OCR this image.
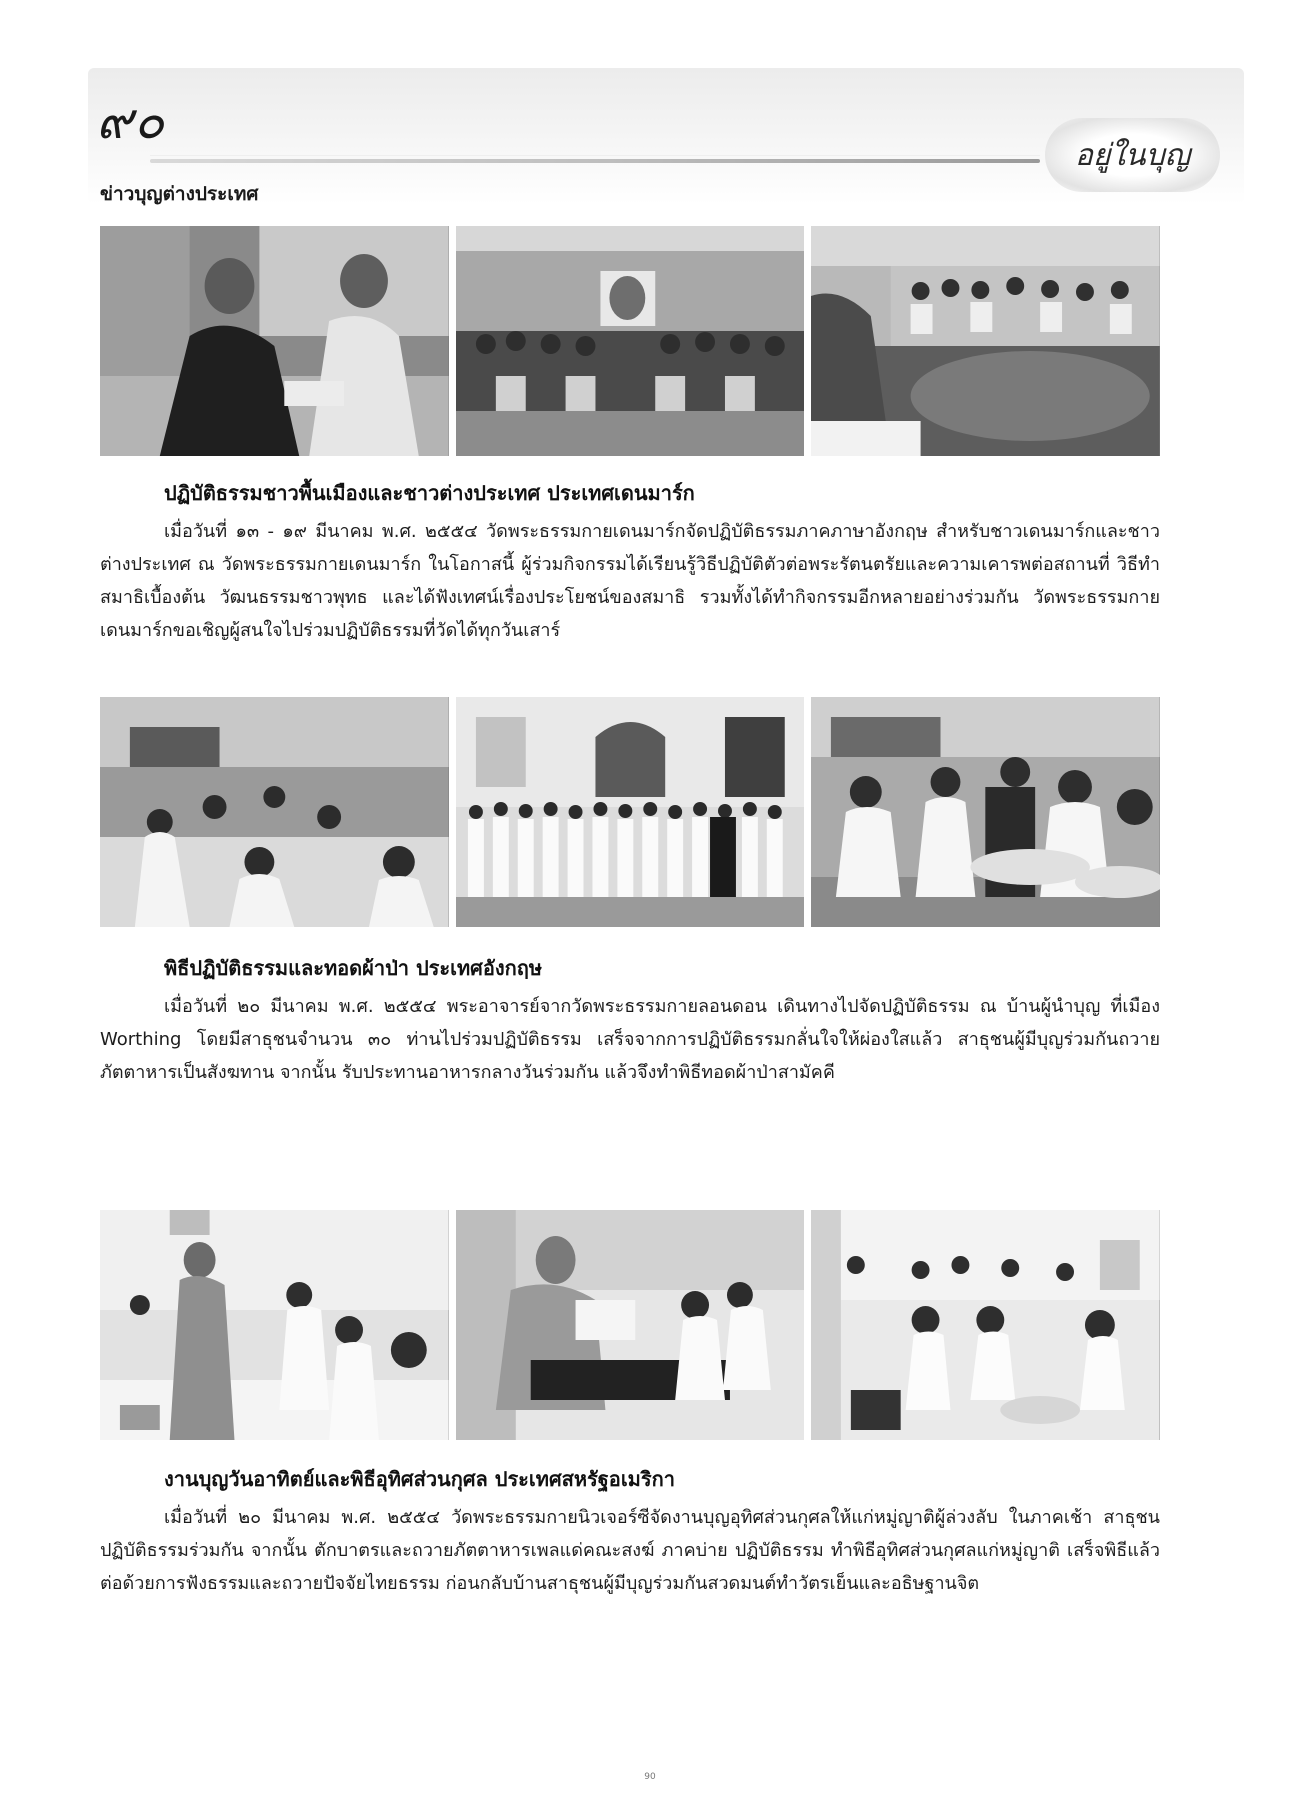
๙๐
อยู่ในบุญ
ข่าวบุญต่างประเทศ
ปฏิบัติธรรมชาวพื้นเมืองและชาวต่างประเทศ ประเทศเดนมาร์ก

เมื่อวันที่ ๑๓ - ๑๙ มีนาคม พ.ศ. ๒๕๕๔ วัดพระธรรมกายเดนมาร์กจัดปฏิบัติธรรมภาคภาษาอังกฤษ สำหรับชาวเดนมาร์กและชาวต่างประเทศ ณ วัดพระธรรมกายเดนมาร์ก ในโอกาสนี้ ผู้ร่วมกิจกรรมได้เรียนรู้วิธีปฏิบัติตัวต่อพระรัตนตรัยและความเคารพต่อสถานที่ วิธีทำสมาธิเบื้องต้น วัฒนธรรมชาวพุทธ และได้ฟังเทศน์เรื่องประโยชน์ของสมาธิ รวมทั้งได้ทำกิจกรรมอีกหลายอย่างร่วมกัน วัดพระธรรมกายเดนมาร์กขอเชิญผู้สนใจไปร่วมปฏิบัติธรรมที่วัดได้ทุกวันเสาร์

พิธีปฏิบัติธรรมและทอดผ้าป่า ประเทศอังกฤษ

เมื่อวันที่ ๒๐ มีนาคม พ.ศ. ๒๕๕๔ พระอาจารย์จากวัดพระธรรมกายลอนดอน เดินทางไปจัดปฏิบัติธรรม ณ บ้านผู้นำบุญ ที่เมือง Worthing โดยมีสาธุชนจำนวน ๓๐ ท่านไปร่วมปฏิบัติธรรม เสร็จจากการปฏิบัติธรรมกลั่นใจให้ผ่องใสแล้ว สาธุชนผู้มีบุญร่วมกันถวายภัตตาหารเป็นสังฆทาน จากนั้น รับประทานอาหารกลางวันร่วมกัน แล้วจึงทำพิธีทอดผ้าป่าสามัคคี

งานบุญวันอาทิตย์และพิธีอุทิศส่วนกุศล ประเทศสหรัฐอเมริกา

เมื่อวันที่ ๒๐ มีนาคม พ.ศ. ๒๕๕๔ วัดพระธรรมกายนิวเจอร์ซีจัดงานบุญอุทิศส่วนกุศลให้แก่หมู่ญาติผู้ล่วงลับ ในภาคเช้า สาธุชนปฏิบัติธรรมร่วมกัน จากนั้น ตักบาตรและถวายภัตตาหารเพลแด่คณะสงฆ์ ภาคบ่าย ปฏิบัติธรรม ทำพิธีอุทิศส่วนกุศลแก่หมู่ญาติ เสร็จพิธีแล้วต่อด้วยการฟังธรรมและถวายปัจจัยไทยธรรม ก่อนกลับบ้านสาธุชนผู้มีบุญร่วมกันสวดมนต์ทำวัตรเย็นและอธิษฐานจิต

90
